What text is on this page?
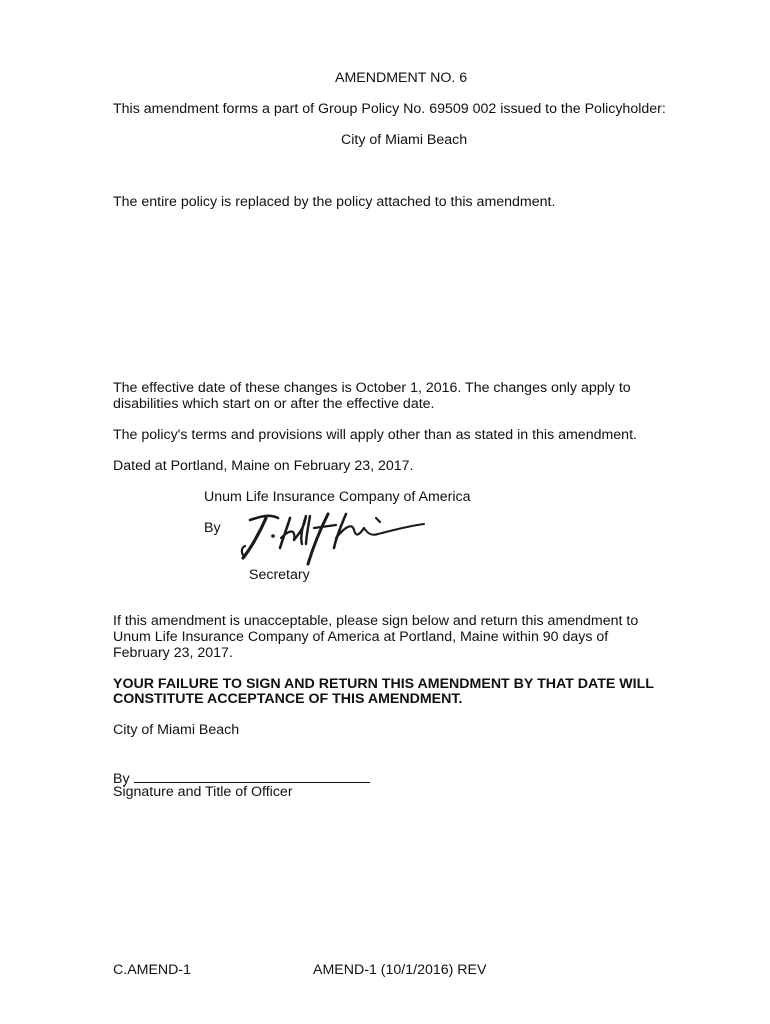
AMENDMENT NO. 6

This amendment forms a part of Group Policy No. 69509 002 issued to the Policyholder:

City of Miami Beach

The entire policy is replaced by the policy attached to this amendment.

The effective date of these changes is October 1, 2016. The changes only apply to

disabilities which start on or after the effective date.

The policy's terms and provisions will apply other than as stated in this amendment.

Dated at Portland, Maine on February 23, 2017.

Unum Life Insurance Company of America

By

Secretary

If this amendment is unacceptable, please sign below and return this amendment to

Unum Life Insurance Company of America at Portland, Maine within 90 days of

February 23, 2017.

YOUR FAILURE TO SIGN AND RETURN THIS AMENDMENT BY THAT DATE WILL

CONSTITUTE ACCEPTANCE OF THIS AMENDMENT.

City of Miami Beach

By

Signature and Title of Officer

C.AMEND-1	AMEND-1 (10/1/2016) REV
